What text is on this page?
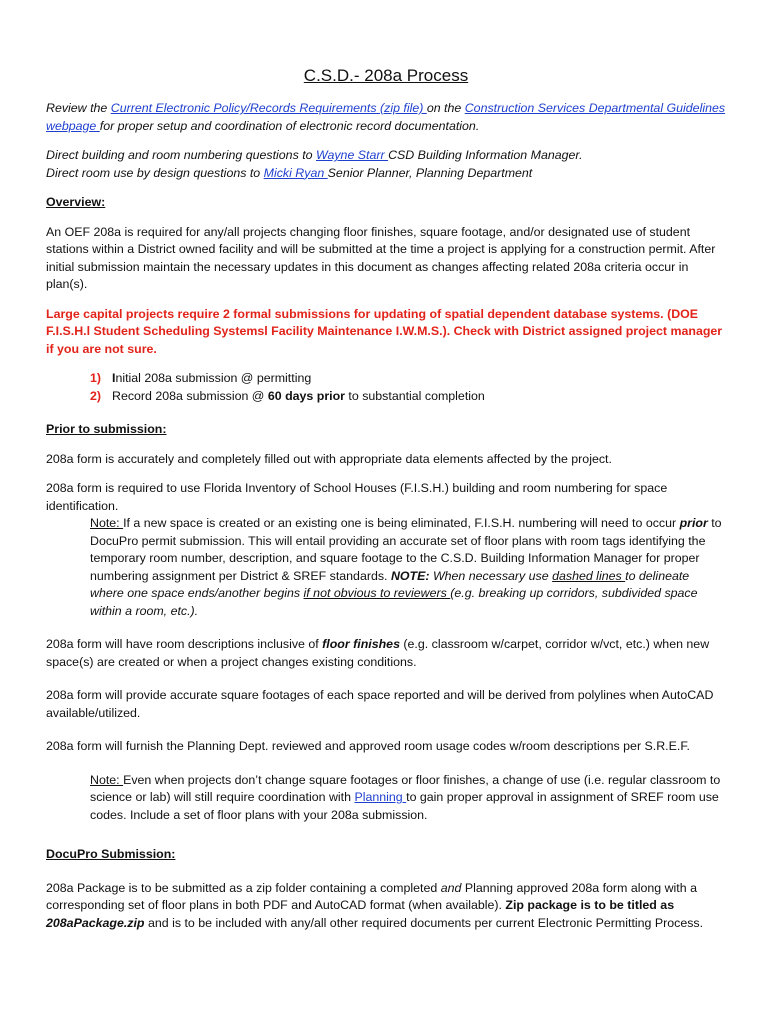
C.S.D.- 208a Process

Review the Current Electronic Policy/Records Requirements (zip file) on the Construction Services Departmental Guidelines webpage for proper setup and coordination of electronic record documentation.

Direct building and room numbering questions to Wayne Starr CSD Building Information Manager.

Direct room use by design questions to Micki Ryan Senior Planner, Planning Department

Overview:

An OEF 208a is required for any/all projects changing floor finishes, square footage, and/or designated use of student stations within a District owned facility and will be submitted at the time a project is applying for a construction permit. After initial submission maintain the necessary updates in this document as changes affecting related 208a criteria occur in plan(s).

Large capital projects require 2 formal submissions for updating of spatial dependent database systems. (DOE F.I.S.H.l Student Scheduling Systemsl Facility Maintenance I.W.M.S.). Check with District assigned project manager if you are not sure.

1) Initial 208a submission @ permitting
2) Record 208a submission @ 60 days prior to substantial completion

Prior to submission:

208a form is accurately and completely filled out with appropriate data elements affected by the project.

208a form is required to use Florida Inventory of School Houses (F.I.S.H.) building and room numbering for space identification.

Note: If a new space is created or an existing one is being eliminated, F.I.S.H. numbering will need to occur prior to DocuPro permit submission. This will entail providing an accurate set of floor plans with room tags identifying the temporary room number, description, and square footage to the C.S.D. Building Information Manager for proper numbering assignment per District & SREF standards. NOTE: When necessary use dashed lines to delineate where one space ends/another begins if not obvious to reviewers (e.g. breaking up corridors, subdivided space within a room, etc.).

208a form will have room descriptions inclusive of floor finishes (e.g. classroom w/carpet, corridor w/vct, etc.) when new space(s) are created or when a project changes existing conditions.

208a form will provide accurate square footages of each space reported and will be derived from polylines when AutoCAD available/utilized.

208a form will furnish the Planning Dept. reviewed and approved room usage codes w/room descriptions per S.R.E.F.

Note: Even when projects don’t change square footages or floor finishes, a change of use (i.e. regular classroom to science or lab) will still require coordination with Planning to gain proper approval in assignment of SREF room use codes. Include a set of floor plans with your 208a submission.

DocuPro Submission:

208a Package is to be submitted as a zip folder containing a completed and Planning approved 208a form along with a corresponding set of floor plans in both PDF and AutoCAD format (when available). Zip package is to be titled as 208aPackage.zip and is to be included with any/all other required documents per current Electronic Permitting Process.
